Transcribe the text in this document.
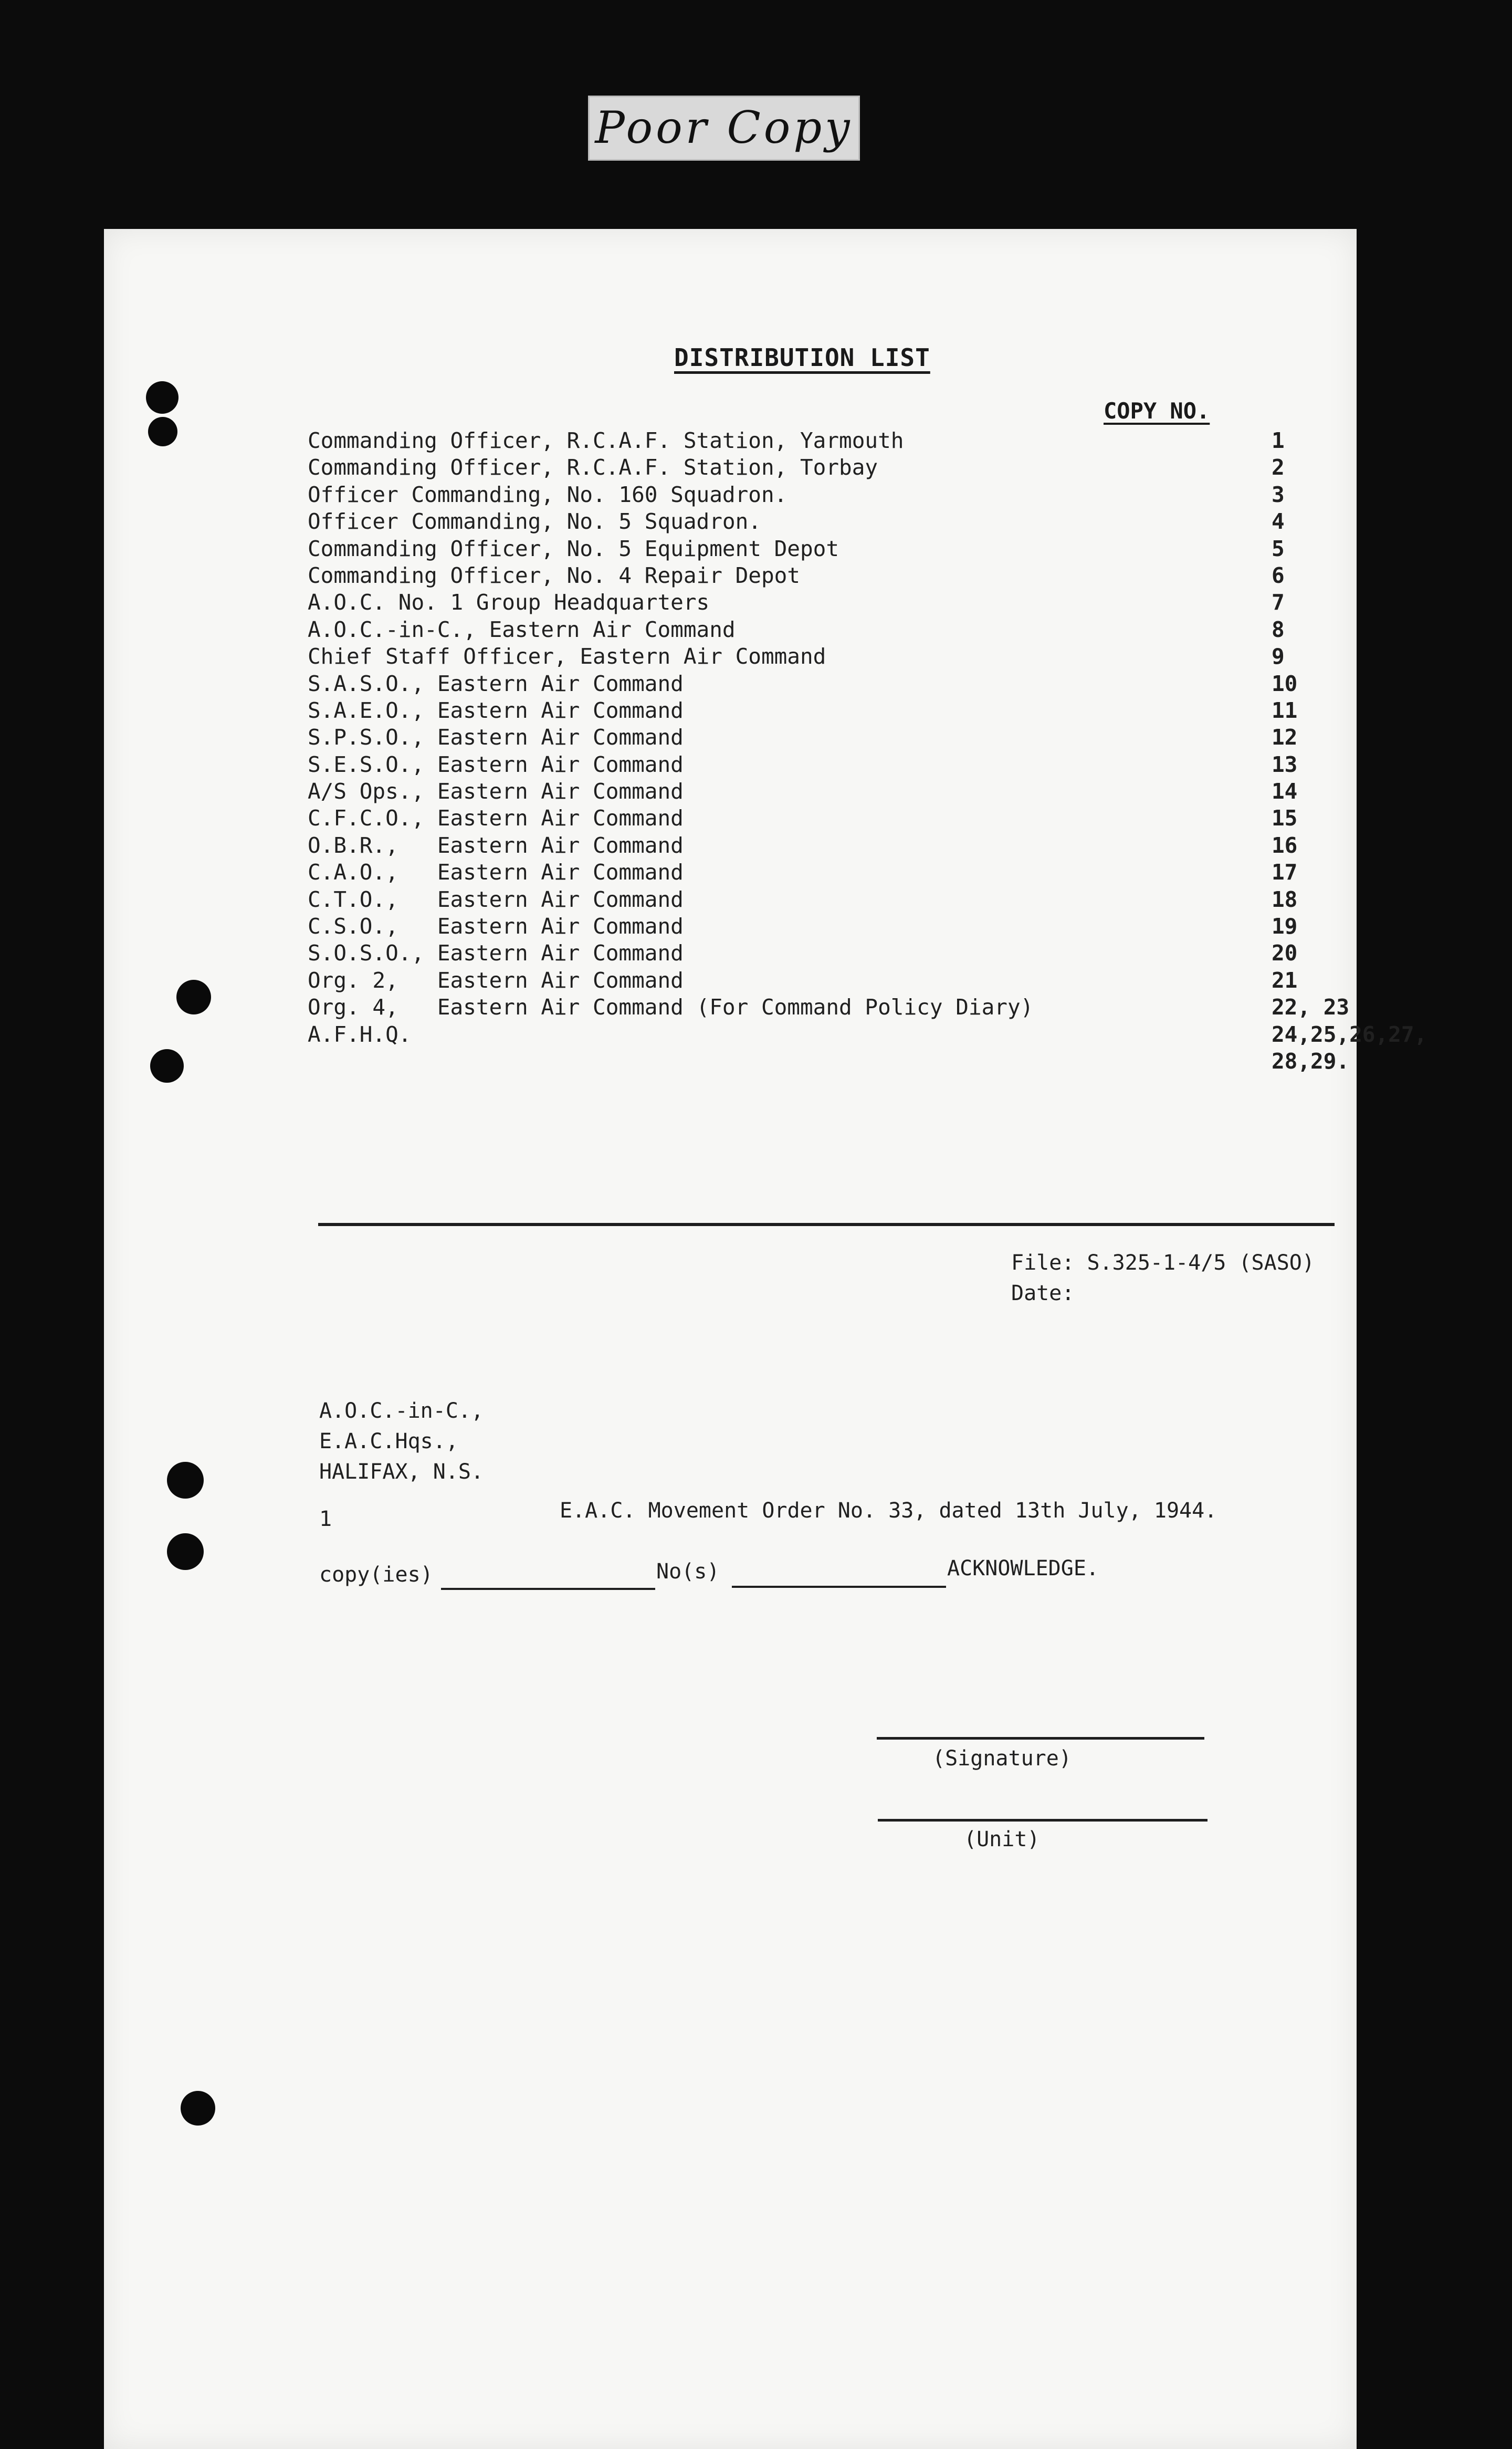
Poor Copy
DISTRIBUTION LIST
COPY NO.
Commanding Officer, R.C.A.F. Station, Yarmouth	1
Commanding Officer, R.C.A.F. Station, Torbay	2
Officer Commanding, No. 160 Squadron.	3
Officer Commanding, No. 5 Squadron.	4
Commanding Officer, No. 5 Equipment Depot	5
Commanding Officer, No. 4 Repair Depot	6
A.O.C. No. 1 Group Headquarters	7
A.O.C.-in-C., Eastern Air Command	8
Chief Staff Officer, Eastern Air Command	9
S.A.S.O., Eastern Air Command	10
S.A.E.O., Eastern Air Command	11
S.P.S.O., Eastern Air Command	12
S.E.S.O., Eastern Air Command	13
A/S Ops., Eastern Air Command	14
C.F.C.O., Eastern Air Command	15
O.B.R.,   Eastern Air Command	16
C.A.O.,   Eastern Air Command	17
C.T.O.,   Eastern Air Command	18
C.S.O.,   Eastern Air Command	19
S.O.S.O., Eastern Air Command	20
Org. 2,   Eastern Air Command	21
Org. 4,   Eastern Air Command (For Command Policy Diary)	22, 23
A.F.H.Q.	24,25,26,27,
28,29.
File: S.325-1-4/5 (SASO)
Date:
A.O.C.-in-C.,
E.A.C.Hqs.,
HALIFAX, N.S.
1	E.A.C. Movement Order No. 33, dated 13th July, 1944.
copy(ies)	No(s)	ACKNOWLEDGE.
(Signature)
(Unit)
